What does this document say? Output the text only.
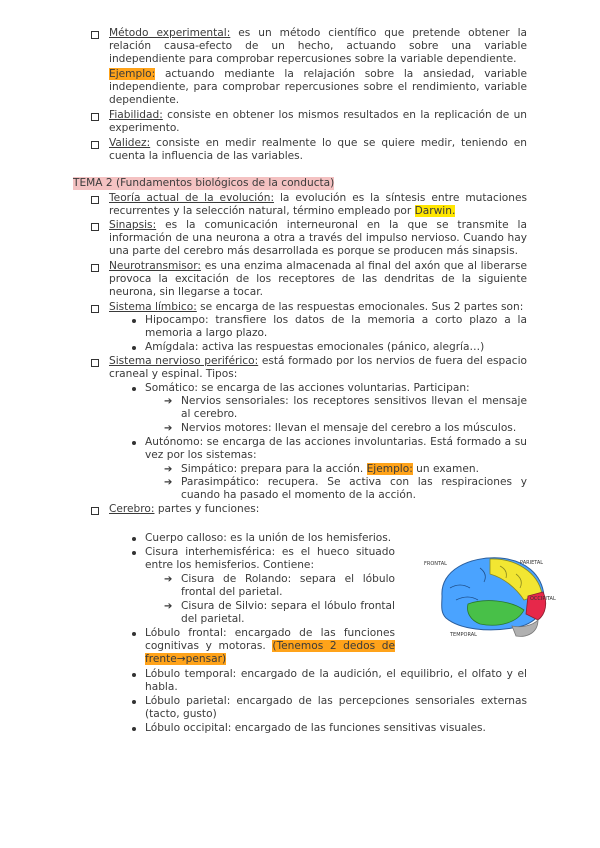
Método experimental: es un método científico que pretende obtener la relación causa-efecto de un hecho, actuando sobre una variable independiente para comprobar repercusiones sobre la variable dependiente.
Ejemplo: actuando mediante la relajación sobre la ansiedad, variable independiente, para comprobar repercusiones sobre el rendimiento, variable dependiente.
Fiabilidad: consiste en obtener los mismos resultados en la replicación de un experimento.
Validez: consiste en medir realmente lo que se quiere medir, teniendo en cuenta la influencia de las variables.
TEMA 2 (Fundamentos biológicos de la conducta)
Teoría actual de la evolución: la evolución es la síntesis entre mutaciones recurrentes y la selección natural, término empleado por Darwin.
Sinapsis: es la comunicación interneuronal en la que se transmite la información de una neurona a otra a través del impulso nervioso. Cuando hay una parte del cerebro más desarrollada es porque se producen más sinapsis.
Neurotransmisor: es una enzima almacenada al final del axón que al liberarse provoca la excitación de los receptores de las dendritas de la siguiente neurona, sin llegarse a tocar.
Sistema límbico: se encarga de las respuestas emocionales. Sus 2 partes son:
Hipocampo: transfiere los datos de la memoria a corto plazo a la memoria a largo plazo.
Amígdala: activa las respuestas emocionales (pánico, alegría…)
Sistema nervioso periférico: está formado por los nervios de fuera del espacio craneal y espinal. Tipos:
Somático: se encarga de las acciones voluntarias. Participan:
➔ Nervios sensoriales: los receptores sensitivos llevan el mensaje al cerebro.
➔ Nervios motores: llevan el mensaje del cerebro a los músculos.
Autónomo: se encarga de las acciones involuntarias. Está formado a su vez por los sistemas:
➔ Simpático: prepara para la acción. Ejemplo: un examen.
➔ Parasimpático: recupera. Se activa con las respiraciones y cuando ha pasado el momento de la acción.
Cerebro: partes y funciones:
Cuerpo calloso: es la unión de los hemisferios.
Cisura interhemisférica: es el hueco situado entre los hemisferios. Contiene:
➔ Cisura de Rolando: separa el lóbulo frontal del parietal.
➔ Cisura de Silvio: separa el lóbulo frontal del parietal.
Lóbulo frontal: encargado de las funciones cognitivas y motoras. (Tenemos 2 dedos de frente→pensar)
Lóbulo temporal: encargado de la audición, el equilibrio, el olfato y el habla.
Lóbulo parietal: encargado de las percepciones sensoriales externas (tacto, gusto)
Lóbulo occipital: encargado de las funciones sensitivas visuales.
FRONTAL	PARIETAL
OCCIPITAL
TEMPORAL
